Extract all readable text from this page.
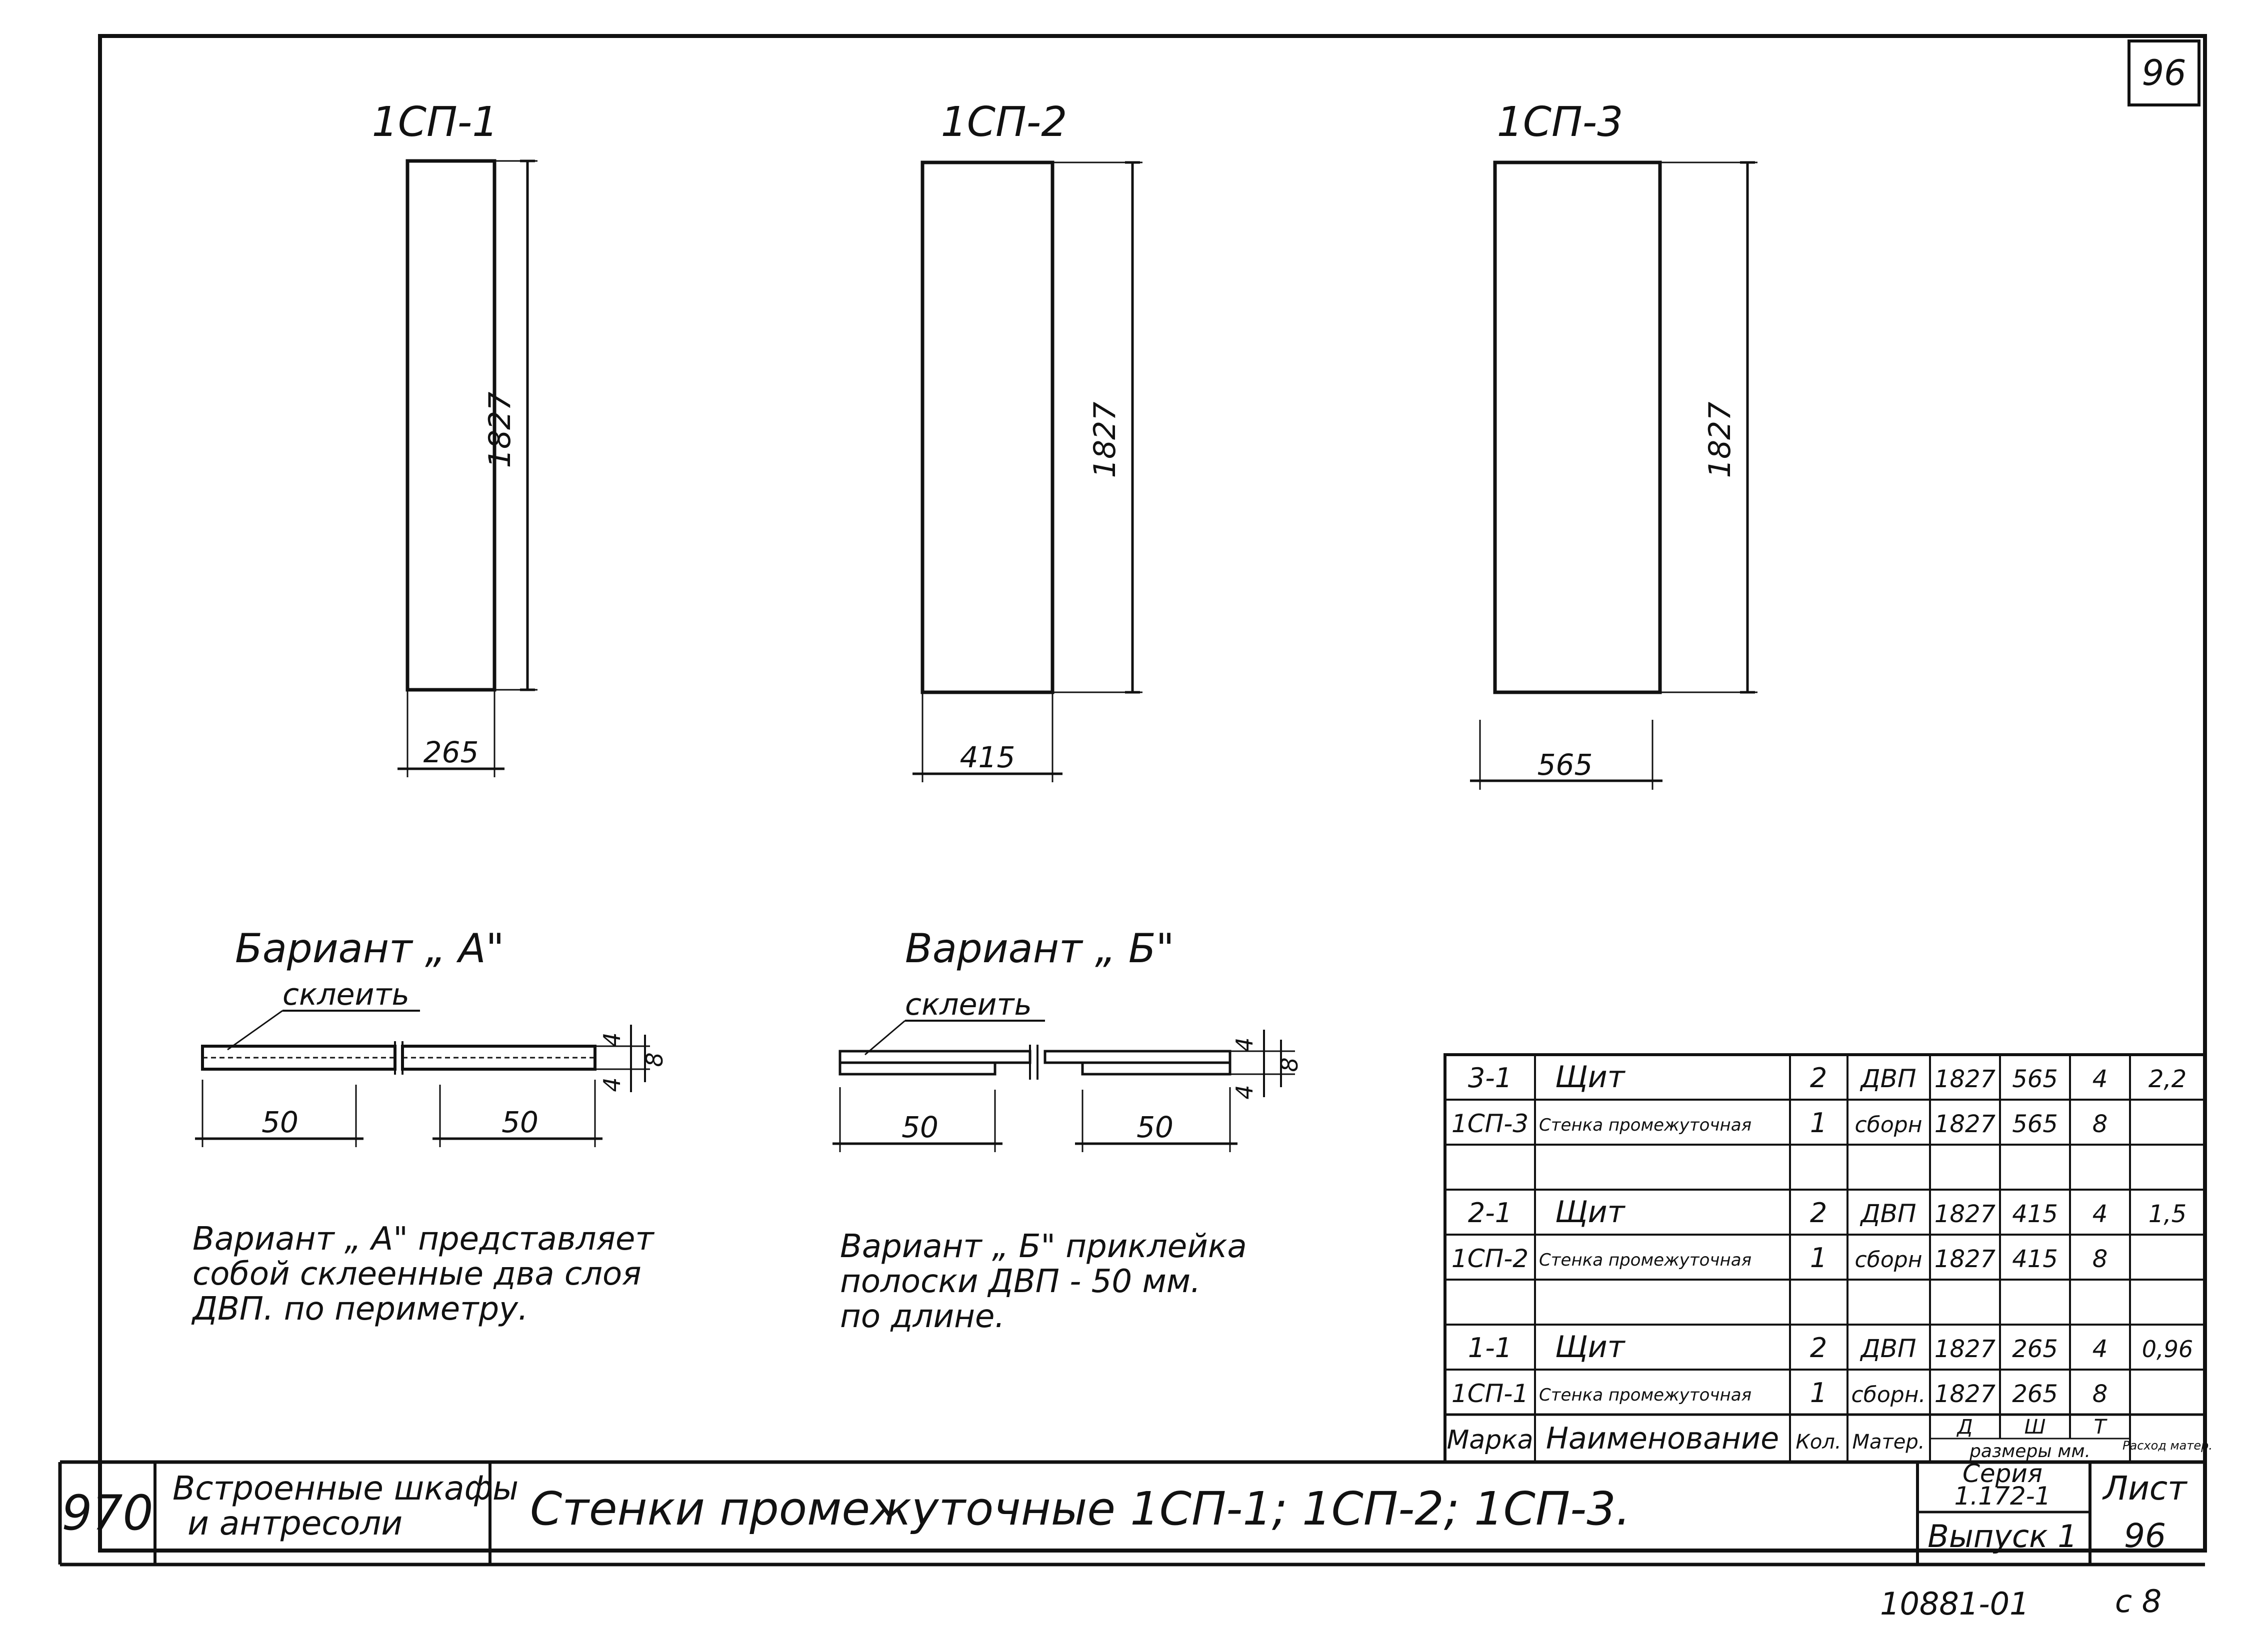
96
1СП-1
1827
265
1СП-2
1827
415
1СП-3
1827
565
Бариант „ А"
склеить
4
4
8
50	50
Вариант „ А" представляет
собой склеенные два слоя
ДВП. по периметру.
Вариант „ Б"
склеить
4
4
8
50	50
Вариант „ Б" приклейка
полоски ДВП - 50 мм.
по длине.
3-1 Щит	2 ДВП 1827 565 4 2,2
1СП-3 Стенка промежуточная 1 сборн 1827 565 8
2-1 Щит	2 ДВП 1827 415 4 1,5
1СП-2 Стенка промежуточная 1 сборн 1827 415 8
1-1 Щит	2 ДВП 1827 265 4 0,96
1СП-1 Стенка промежуточная 1 сборн. 1827 265 8
Марка Наименование Кол. Матер.
Д	Ш Т
размеры мм.	Расход матер.
970 Встроенные шкафы
и антресоли	Стенки промежуточные 1СП-1; 1СП-2; 1СП-3.
Серия
1.172-1
Выпуск 1
Лист
96
10881-01	с 8
